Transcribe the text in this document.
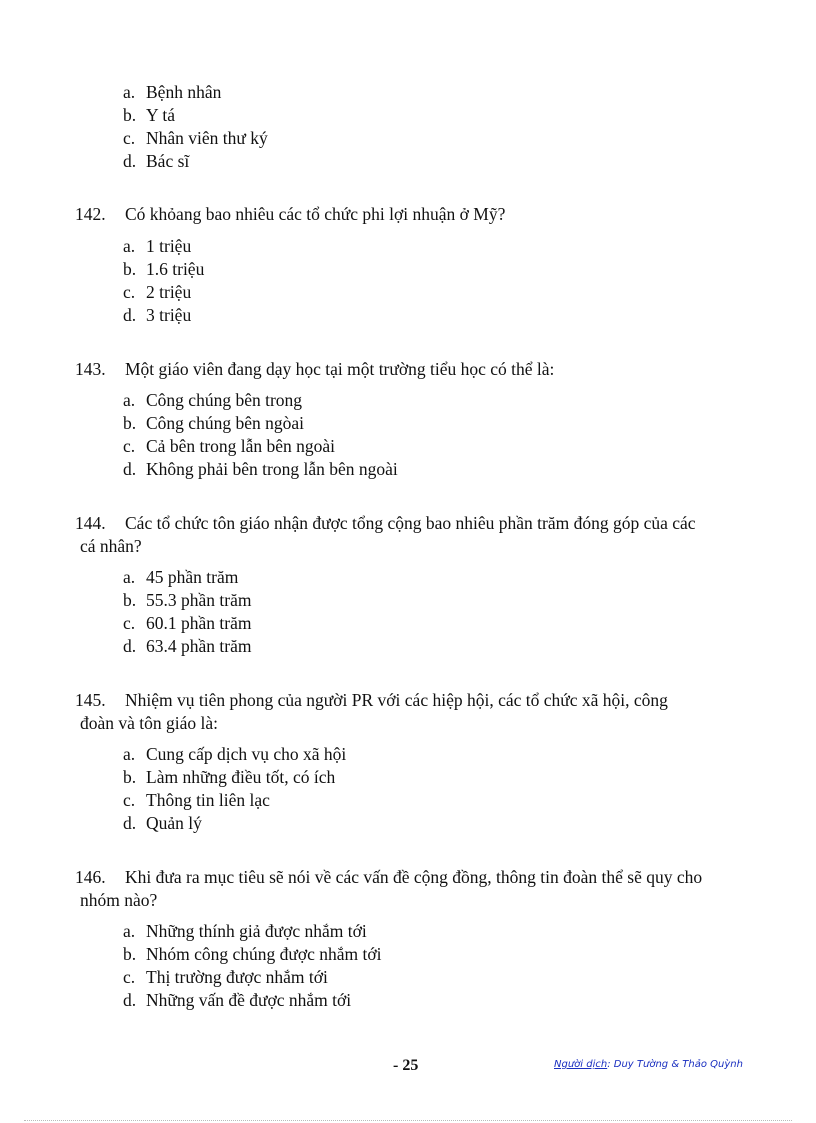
a. Bệnh nhân
b. Y tá
c. Nhân viên thư ký
d. Bác sĩ
142. Có khỏang bao nhiêu các tổ chức phi lợi nhuận ở Mỹ?
a. 1 triệu
b. 1.6 triệu
c. 2 triệu
d. 3 triệu
143. Một giáo viên đang dạy học tại một trường tiểu học có thể là:
a. Công chúng bên trong
b. Công chúng bên ngòai
c. Cả bên trong lẫn bên ngoài
d. Không phải bên trong lẫn bên ngoài
144. Các tổ chức tôn giáo nhận được tổng cộng bao nhiêu phần trăm đóng góp của các
cá nhân?
a. 45 phần trăm
b. 55.3 phần trăm
c. 60.1 phần trăm
d. 63.4 phần trăm
145. Nhiệm vụ tiên phong của người PR với các hiệp hội, các tổ chức xã hội, công
đoàn và tôn giáo là:
a. Cung cấp dịch vụ cho xã hội
b. Làm những điều tốt, có ích
c. Thông tin liên lạc
d. Quản lý
146. Khi đưa ra mục tiêu sẽ nói về các vấn đề cộng đồng, thông tin đoàn thể sẽ quy cho
nhóm nào?
a. Những thính giả được nhắm tới
b. Nhóm công chúng được nhắm tới
c. Thị trường được nhắm tới
d. Những vấn đề được nhắm tới
- 25	Người dịch: Duy Tường & Thảo Quỳnh
